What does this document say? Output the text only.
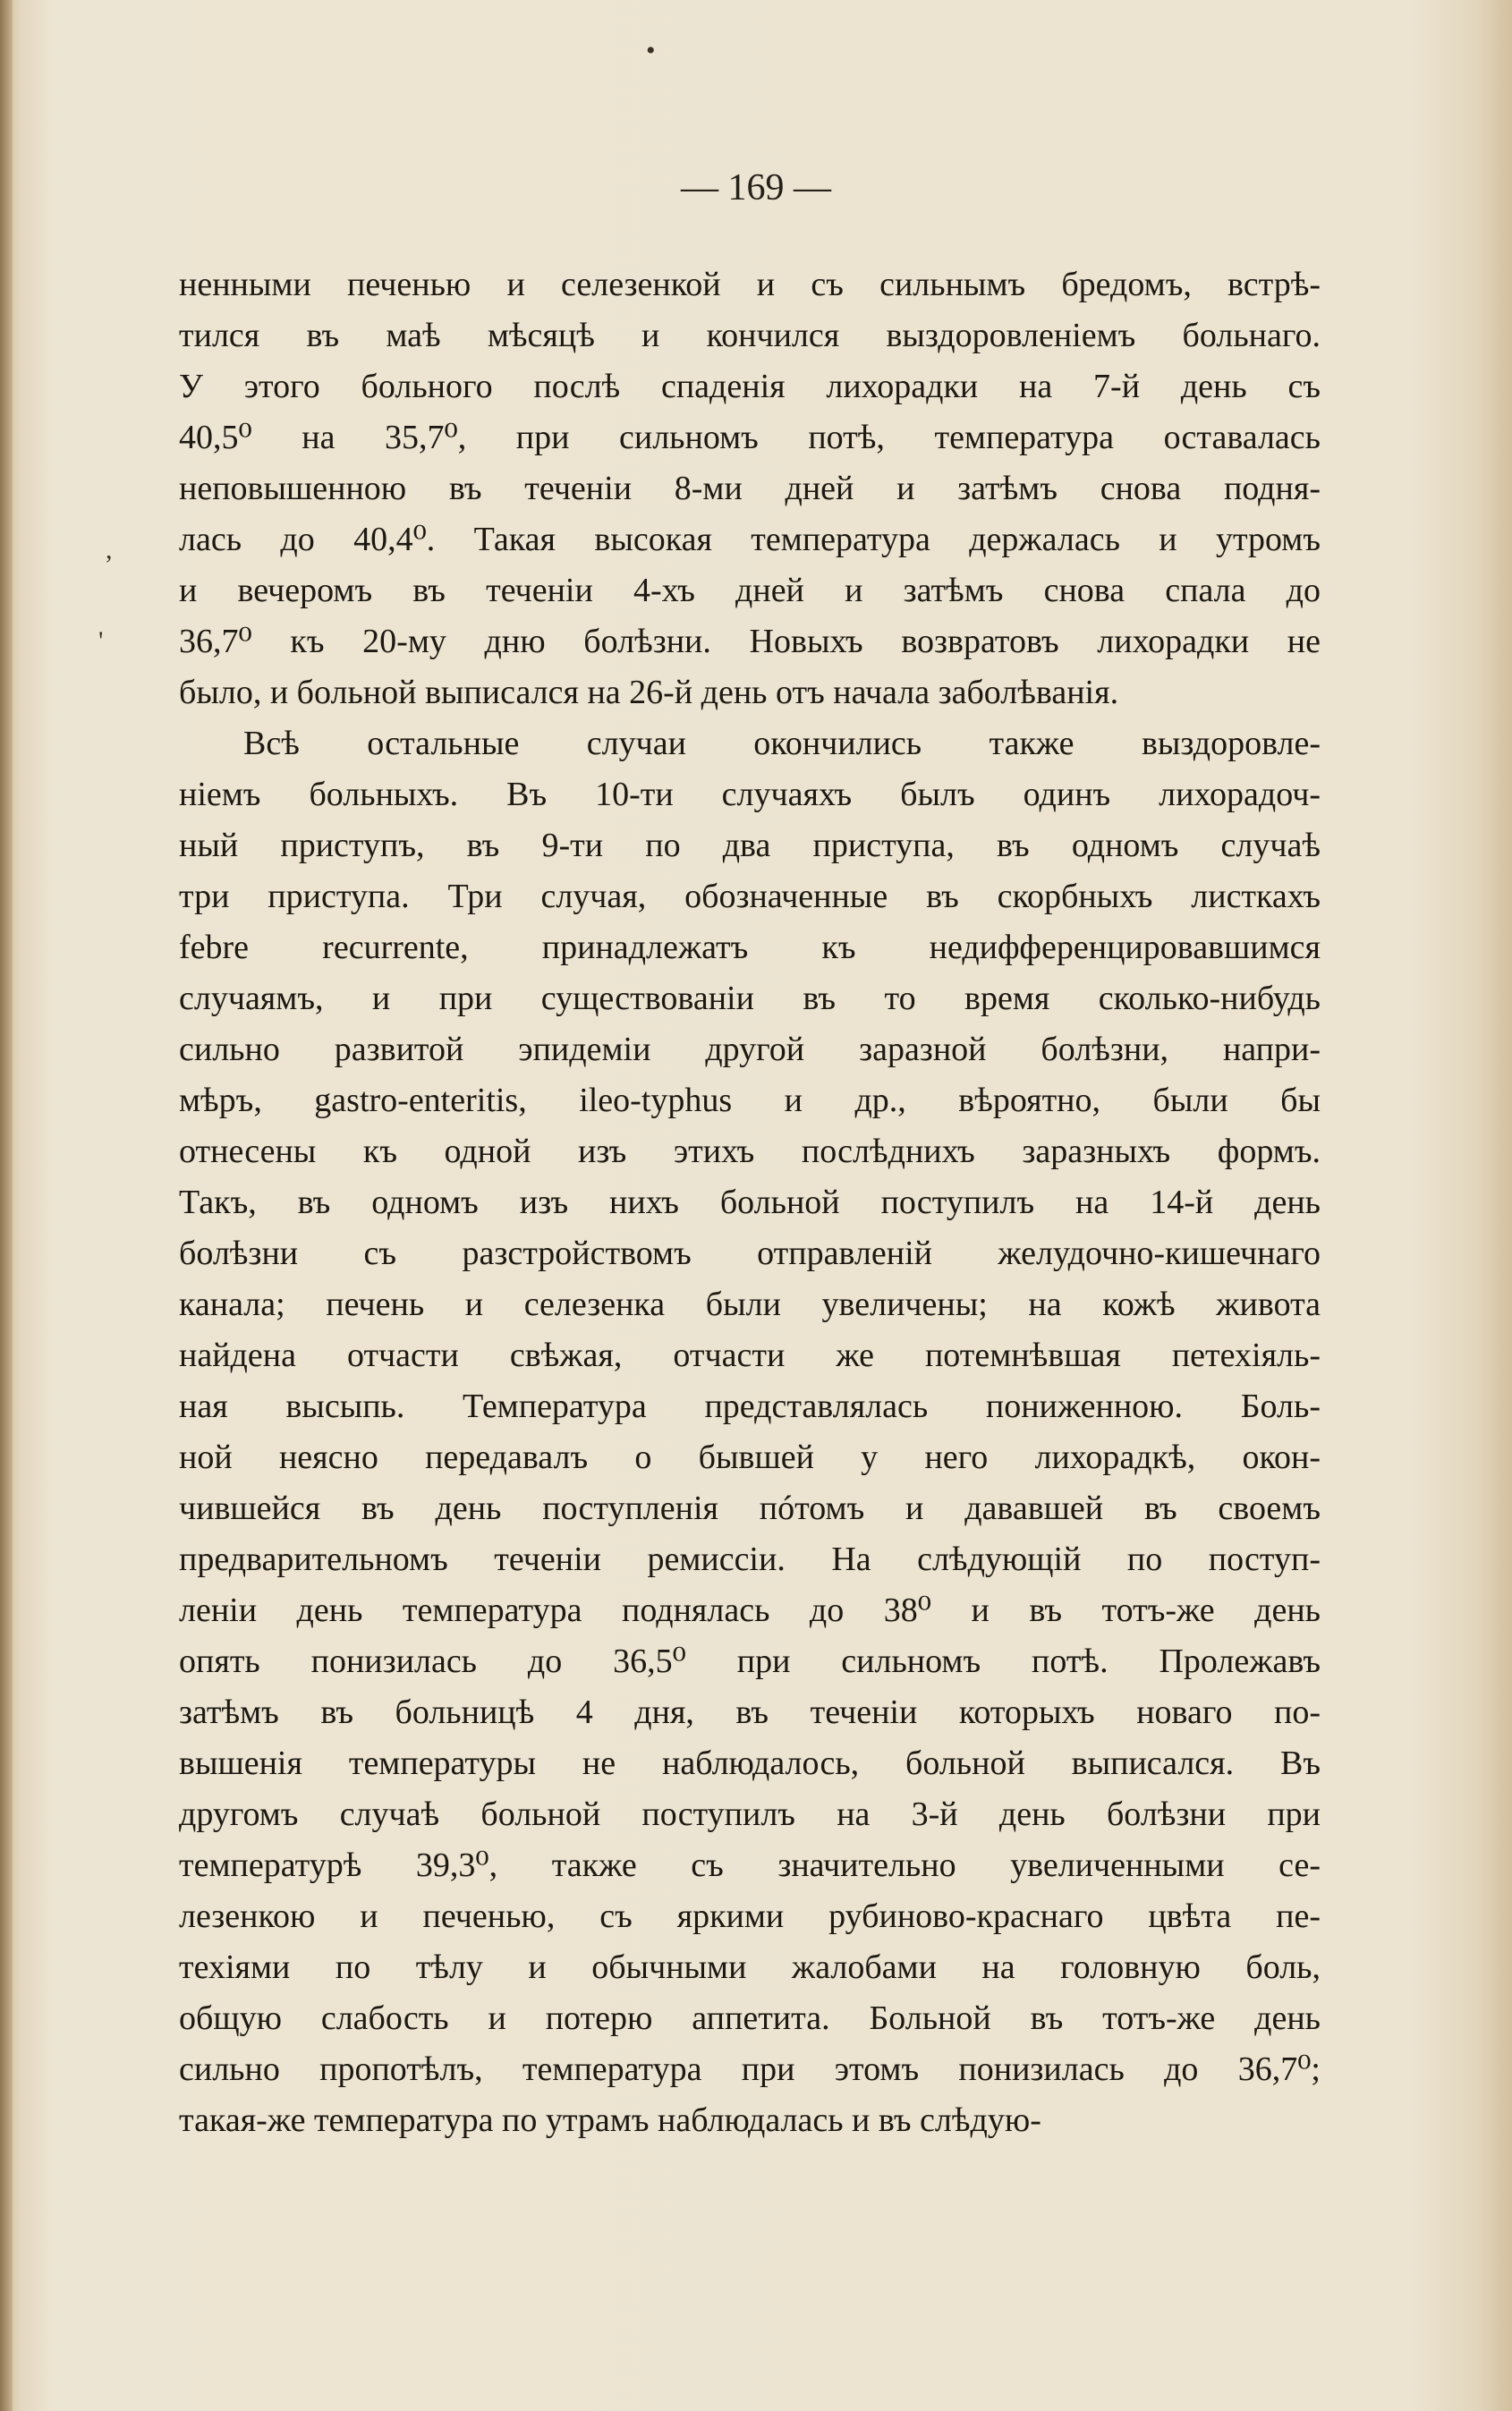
•
,
'
— 169 —
ненными печенью и селезенкой и съ сильнымъ бредомъ, встрѣ-
тился въ маѣ мѣсяцѣ и кончился выздоровленіемъ больнаго.
У этого больного послѣ спаденія лихорадки на 7-й день съ
40,5⁰ на 35,7⁰, при сильномъ потѣ, температура оставалась
неповышенною въ теченіи 8-ми дней и затѣмъ снова подня-
лась до 40,4⁰. Такая высокая температура держалась и утромъ
и вечеромъ въ теченіи 4-хъ дней и затѣмъ снова спала до
36,7⁰ къ 20-му дню болѣзни. Новыхъ возвратовъ лихорадки не
было, и больной выписался на 26-й день отъ начала заболѣванія.
Всѣ остальные случаи окончились также выздоровле-
ніемъ больныхъ. Въ 10-ти случаяхъ былъ одинъ лихорадоч-
ный приступъ, въ 9-ти по два приступа, въ одномъ случаѣ
три приступа. Три случая, обозначенные въ скорбныхъ листкахъ
febre recurrente, принадлежатъ къ недифференцировавшимся
случаямъ, и при существованіи въ то время сколько-нибудь
сильно развитой эпидеміи другой заразной болѣзни, напри-
мѣръ, gastro-enteritis, ileo-typhus и др., вѣроятно, были бы
отнесены къ одной изъ этихъ послѣднихъ заразныхъ формъ.
Такъ, въ одномъ изъ нихъ больной поступилъ на 14-й день
болѣзни съ разстройствомъ отправленій желудочно-кишечнаго
канала; печень и селезенка были увеличены; на кожѣ живота
найдена отчасти свѣжая, отчасти же потемнѣвшая петехіяль-
ная высыпь. Температура представлялась пониженною. Боль-
ной неясно передавалъ о бывшей у него лихорадкѣ, окон-
чившейся въ день поступленія пóтомъ и дававшей въ своемъ
предварительномъ теченіи ремиссіи. На слѣдующій по поступ-
леніи день температура поднялась до 38⁰ и въ тотъ-же день
опять понизилась до 36,5⁰ при сильномъ потѣ. Пролежавъ
затѣмъ въ больницѣ 4 дня, въ теченіи которыхъ новаго по-
вышенія температуры не наблюдалось, больной выписался. Въ
другомъ случаѣ больной поступилъ на 3-й день болѣзни при
температурѣ 39,3⁰, также съ значительно увеличенными се-
лезенкою и печенью, съ яркими рубиново-краснаго цвѣта пе-
техіями по тѣлу и обычными жалобами на головную боль,
общую слабость и потерю аппетита. Больной въ тотъ-же день
сильно пропотѣлъ, температура при этомъ понизилась до 36,7⁰;
такая-же температура по утрамъ наблюдалась и въ слѣдую-
